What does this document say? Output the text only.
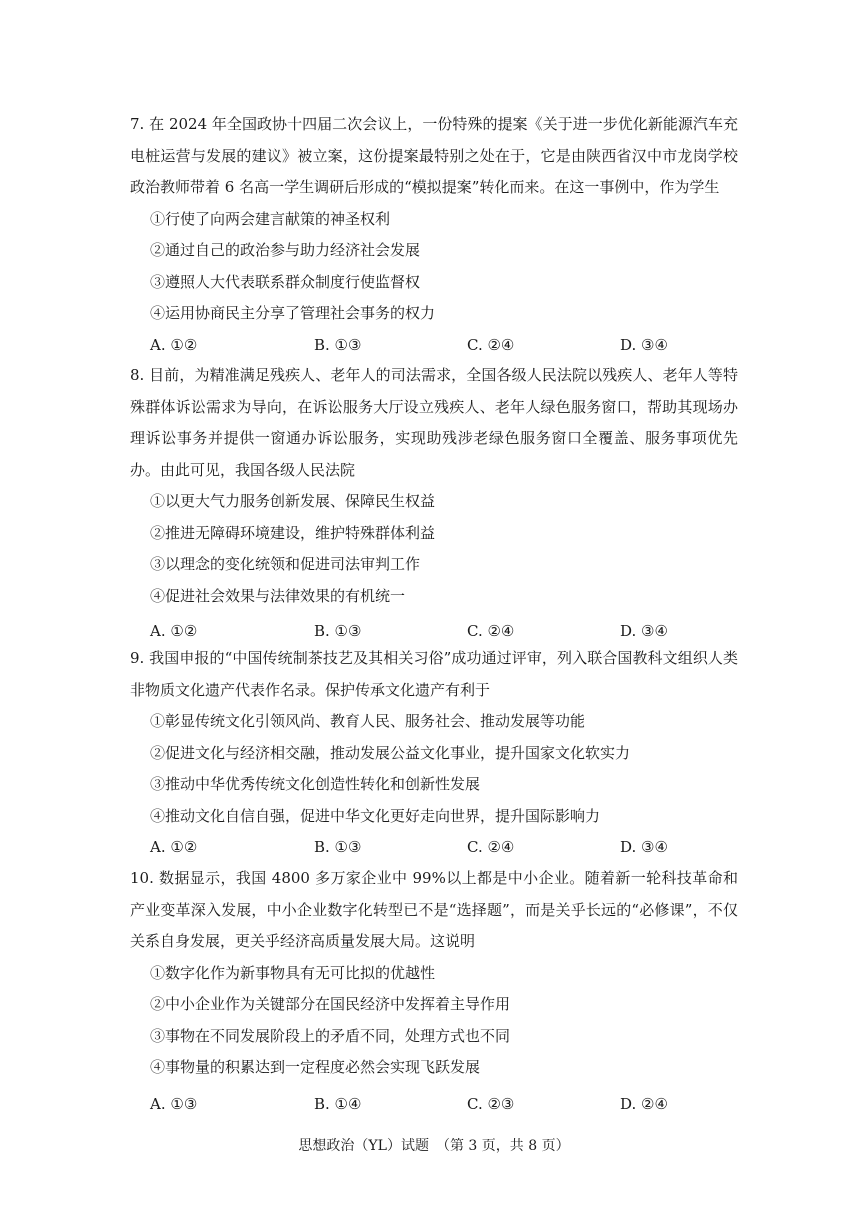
7. 在 2024 年全国政协十四届二次会议上，一份特殊的提案《关于进一步优化新能源汽车充电桩运营与发展的建议》被立案，这份提案最特别之处在于，它是由陕西省汉中市龙岗学校政治教师带着 6 名高一学生调研后形成的“模拟提案”转化而来。在这一事例中，作为学生
①行使了向两会建言献策的神圣权利
②通过自己的政治参与助力经济社会发展
③遵照人大代表联系群众制度行使监督权
④运用协商民主分享了管理社会事务的权力
A. ①②	B. ①③	C. ②④	D. ③④
8. 目前，为精准满足残疾人、老年人的司法需求，全国各级人民法院以残疾人、老年人等特殊群体诉讼需求为导向，在诉讼服务大厅设立残疾人、老年人绿色服务窗口，帮助其现场办理诉讼事务并提供一窗通办诉讼服务，实现助残涉老绿色服务窗口全覆盖、服务事项优先办。由此可见，我国各级人民法院
①以更大气力服务创新发展、保障民生权益
②推进无障碍环境建设，维护特殊群体利益
③以理念的变化统领和促进司法审判工作
④促进社会效果与法律效果的有机统一
A. ①②	B. ①③	C. ②④	D. ③④
9. 我国申报的“中国传统制茶技艺及其相关习俗”成功通过评审，列入联合国教科文组织人类非物质文化遗产代表作名录。保护传承文化遗产有利于
①彰显传统文化引领风尚、教育人民、服务社会、推动发展等功能
②促进文化与经济相交融，推动发展公益文化事业，提升国家文化软实力
③推动中华优秀传统文化创造性转化和创新性发展
④推动文化自信自强，促进中华文化更好走向世界，提升国际影响力
A. ①②	B. ①③	C. ②④	D. ③④
10. 数据显示，我国 4800 多万家企业中 99%以上都是中小企业。随着新一轮科技革命和产业变革深入发展，中小企业数字化转型已不是“选择题”，而是关乎长远的“必修课”，不仅关系自身发展，更关乎经济高质量发展大局。这说明
①数字化作为新事物具有无可比拟的优越性
②中小企业作为关键部分在国民经济中发挥着主导作用
③事物在不同发展阶段上的矛盾不同，处理方式也不同
④事物量的积累达到一定程度必然会实现飞跃发展
A. ①③	B. ①④	C. ②③	D. ②④
思想政治（YL）试题　（第 3 页，共 8 页）
